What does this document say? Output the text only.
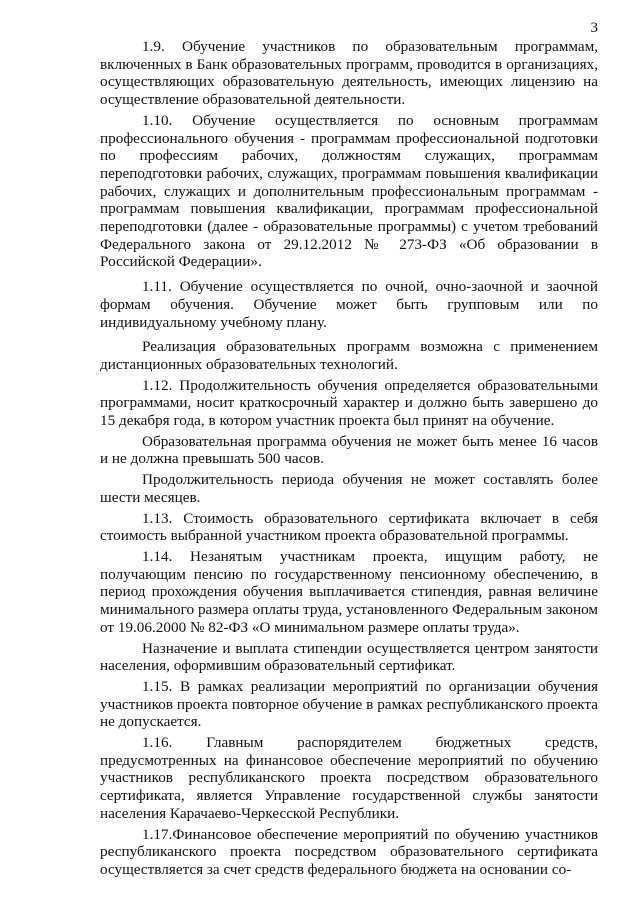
3

1.9. Обучение участников по образовательным программам, включенных в Банк образовательных программ, проводится в организациях, осуществляющих образовательную деятельность, имеющих лицензию на осуществление образовательной деятельности.

1.10. Обучение осуществляется по основным программам профессионального обучения - программам профессиональной подготовки по профессиям рабочих, должностям служащих, программам переподготовки рабочих, служащих, программам повышения квалификации рабочих, служащих и дополнительным профессиональным программам - программам повышения квалификации, программам профессиональной переподготовки (далее - образовательные программы) с учетом требований Федерального закона от 29.12.2012 № 273-ФЗ «Об образовании в Российской Федерации».

1.11. Обучение осуществляется по очной, очно-заочной и заочной формам обучения. Обучение может быть групповым или по индивидуальному учебному плану.

Реализация образовательных программ возможна с применением дистанционных образовательных технологий.

1.12. Продолжительность обучения определяется образовательными программами, носит краткосрочный характер и должно быть завершено до 15 декабря года, в котором участник проекта был принят на обучение.

Образовательная программа обучения не может быть менее 16 часов и не должна превышать 500 часов.

Продолжительность периода обучения не может составлять более шести месяцев.

1.13. Стоимость образовательного сертификата включает в себя стоимость выбранной участником проекта образовательной программы.

1.14. Незанятым участникам проекта, ищущим работу, не получающим пенсию по государственному пенсионному обеспечению, в период прохождения обучения выплачивается стипендия, равная величине минимального размера оплаты труда, установленного Федеральным законом от 19.06.2000 № 82-ФЗ «О минимальном размере оплаты труда».

Назначение и выплата стипендии осуществляется центром занятости населения, оформившим образовательный сертификат.

1.15. В рамках реализации мероприятий по организации обучения участников проекта повторное обучение в рамках республиканского проекта не допускается.

1.16. Главным распорядителем бюджетных средств, предусмотренных на финансовое обеспечение мероприятий по обучению участников республиканского проекта посредством образовательного сертификата, является Управление государственной службы занятости населения Карачаево-Черкесской Республики.

1.17.Финансовое обеспечение мероприятий по обучению участников республиканского проекта посредством образовательного сертификата осуществляется за счет средств федерального бюджета на основании со-
